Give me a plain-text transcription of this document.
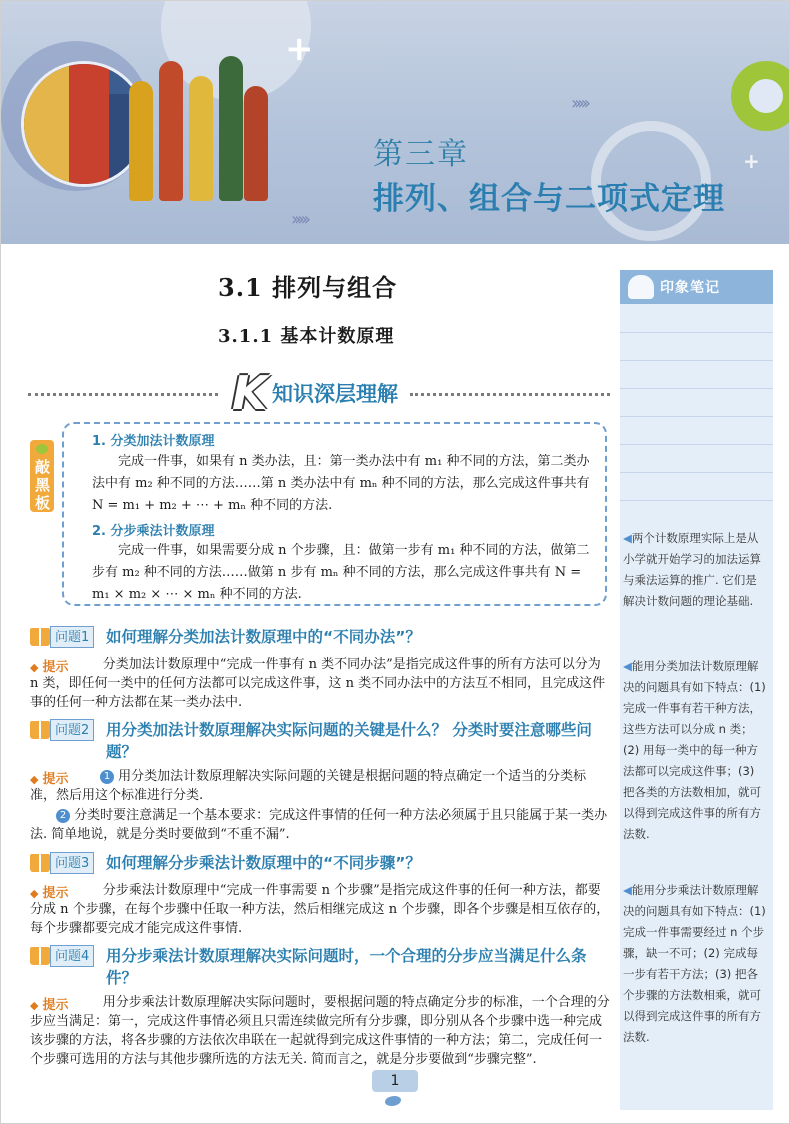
+
+
›››››
›››››
第三章
排列、组合与二项式定理
3.1 排列与组合
3.1.1 基本计数原理
K 知识深层理解
敲黑板
1. 分类加法计数原理
完成一件事，如果有 n 类办法，且：第一类办法中有 m₁ 种不同的方法，第二类办法中有 m₂ 种不同的方法……第 n 类办法中有 mₙ 种不同的方法，那么完成这件事共有 N = m₁ + m₂ + ⋯ + mₙ 种不同的方法.
2. 分步乘法计数原理
完成一件事，如果需要分成 n 个步骤，且：做第一步有 m₁ 种不同的方法，做第二步有 m₂ 种不同的方法……做第 n 步有 mₙ 种不同的方法，那么完成这件事共有 N = m₁ × m₂ × ⋯ × mₙ 种不同的方法.
问题1	如何理解分类加法计数原理中的“不同办法”？
◆ 提示	分类加法计数原理中“完成一件事有 n 类不同办法”是指完成这件事的所有方法可以分为 n 类，即任何一类中的任何方法都可以完成这件事，这 n 类不同办法中的方法互不相同，且完成这件事的任何一种方法都在某一类办法中.
问题2	用分类加法计数原理解决实际问题的关键是什么？ 分类时要注意哪些问题？
◆ 提示	1 用分类加法计数原理解决实际问题的关键是根据问题的特点确定一个适当的分类标准，然后用这个标准进行分类.
2 分类时要注意满足一个基本要求：完成这件事情的任何一种方法必须属于且只能属于某一类办法. 简单地说，就是分类时要做到“不重不漏”.
问题3	如何理解分步乘法计数原理中的“不同步骤”？
◆ 提示	分步乘法计数原理中“完成一件事需要 n 个步骤”是指完成这件事的任何一种方法，都要分成 n 个步骤，在每个步骤中任取一种方法，然后相继完成这 n 个步骤，即各个步骤是相互依存的，每个步骤都要完成才能完成这件事情.
问题4	用分步乘法计数原理解决实际问题时，一个合理的分步应当满足什么条件？
◆ 提示	用分步乘法计数原理解决实际问题时，要根据问题的特点确定分步的标准，一个合理的分步应当满足：第一，完成这件事情必须且只需连续做完所有分步骤，即分别从各个步骤中选一种完成该步骤的方法，将各步骤的方法依次串联在一起就得到完成这件事情的一种方法；第二，完成任何一个步骤可选用的方法与其他步骤所选的方法无关. 简而言之，就是分步要做到“步骤完整”.
印象笔记
◀两个计数原理实际上是从小学就开始学习的加法运算与乘法运算的推广. 它们是解决计数问题的理论基础.
◀能用分类加法计数原理解决的问题具有如下特点：(1) 完成一件事有若干种方法，这些方法可以分成 n 类；(2) 用每一类中的每一种方法都可以完成这件事；(3) 把各类的方法数相加，就可以得到完成这件事的所有方法数.
◀能用分步乘法计数原理解决的问题具有如下特点：(1) 完成一件事需要经过 n 个步骤，缺一不可；(2) 完成每一步有若干方法；(3) 把各个步骤的方法数相乘，就可以得到完成这件事的所有方法数.
1
